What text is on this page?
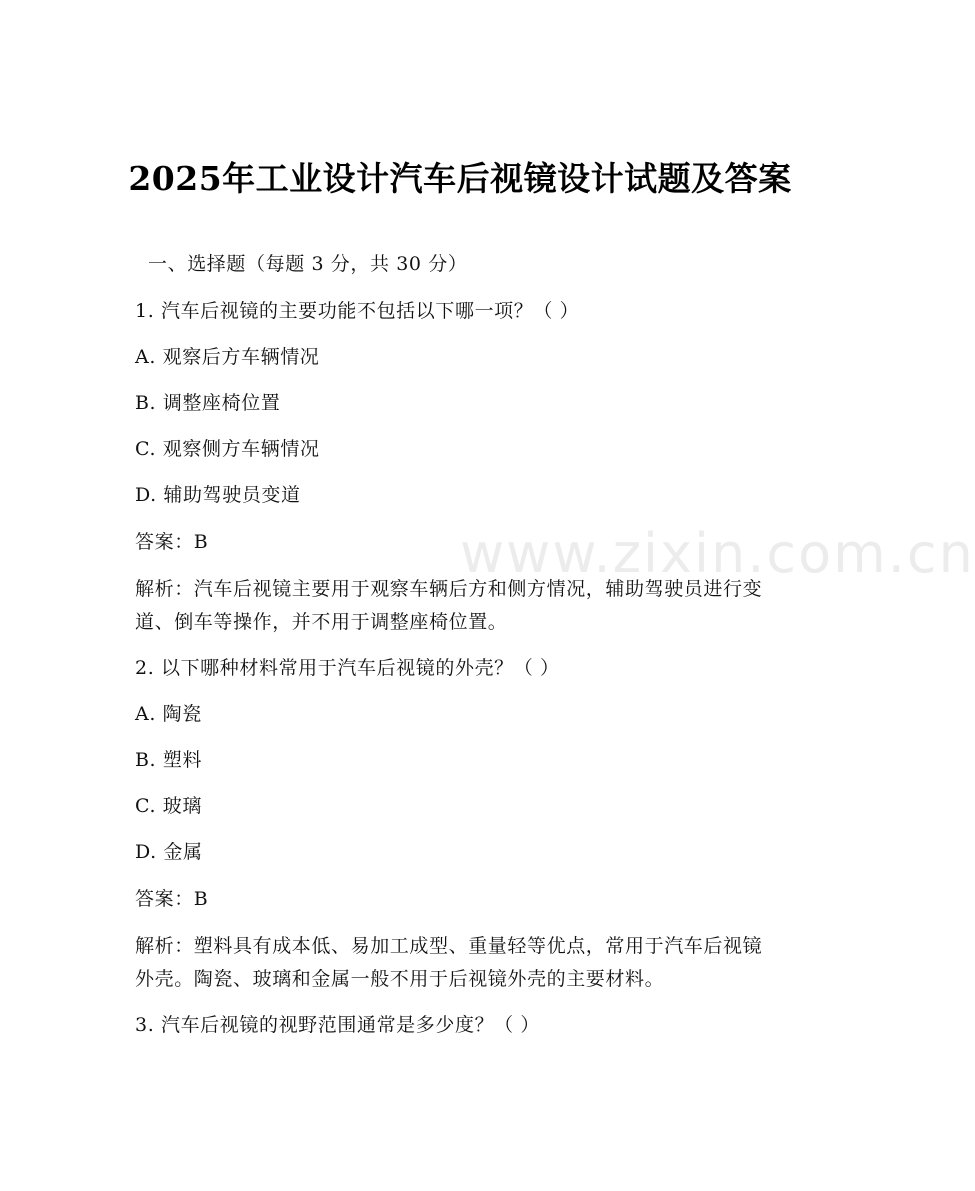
www.zixin.com.cn
2025年工业设计汽车后视镜设计试题及答案
一、选择题（每题 3 分，共 30 分）
1. 汽车后视镜的主要功能不包括以下哪一项？（ ）
A. 观察后方车辆情况
B. 调整座椅位置
C. 观察侧方车辆情况
D. 辅助驾驶员变道
答案：B
解析：汽车后视镜主要用于观察车辆后方和侧方情况，辅助驾驶员进行变道、倒车等操作，并不用于调整座椅位置。
2. 以下哪种材料常用于汽车后视镜的外壳？（ ）
A. 陶瓷
B. 塑料
C. 玻璃
D. 金属
答案：B
解析：塑料具有成本低、易加工成型、重量轻等优点，常用于汽车后视镜外壳。陶瓷、玻璃和金属一般不用于后视镜外壳的主要材料。
3. 汽车后视镜的视野范围通常是多少度？（ ）
